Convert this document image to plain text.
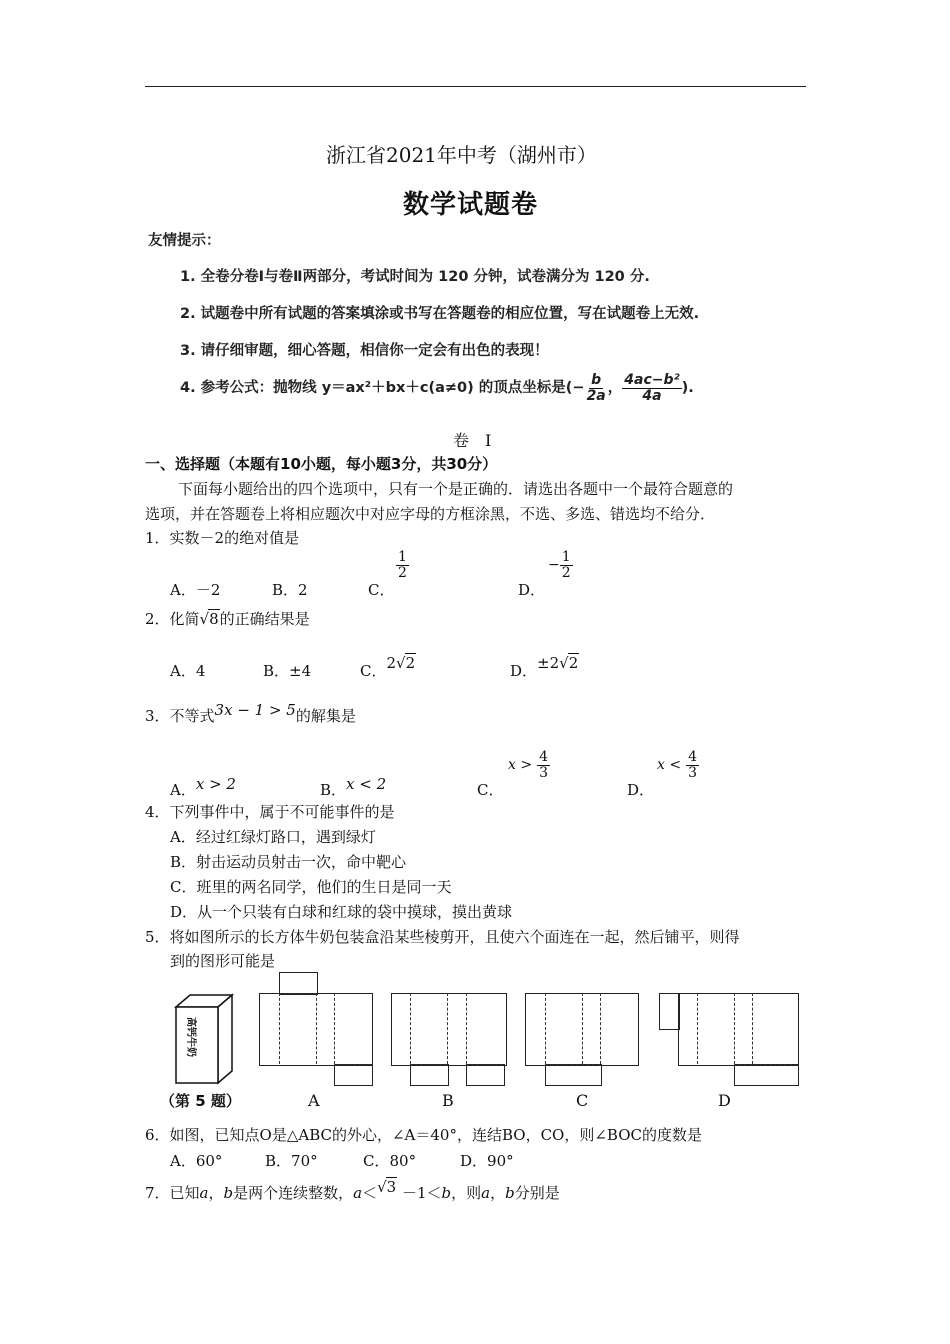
浙江省2021年中考（湖州市）
数学试题卷
友情提示：
1. 全卷分卷Ⅰ与卷Ⅱ两部分，考试时间为 120 分钟，试卷满分为 120 分.
2. 试题卷中所有试题的答案填涂或书写在答题卷的相应位置，写在试题卷上无效.
3. 请仔细审题，细心答题，相信你一定会有出色的表现！
4. 参考公式：抛物线 y＝ax²＋bx＋c(a≠0) 的顶点坐标是(− $\frac{b}{2a}$ ， $\frac{\text{4ac−b²}}{4a}$ ).
卷　Ⅰ
一、选择题（本题有10小题，每小题3分，共30分）
下面每小题给出的四个选项中，只有一个是正确的．请选出各题中一个最符合题意的
选项，并在答题卷上将相应题次中对应字母的方框涂黑，不选、多选、错选均不给分．
1．实数－2的绝对值是
A．－2	B．2	C．
$\frac{1}{2}$
D．
− $\frac{1}{2}$
2．化简√8的正确结果是
A．4	B．±4	C．2√2	D．±2√2
3．不等式3x − 1 > 5的解集是
A．x > 2	B．x < 2	C．
$x > \frac{4}{3}$
D．
$x < \frac{4}{3}$
4．下列事件中，属于不可能事件的是
A．经过红绿灯路口，遇到绿灯
B．射击运动员射击一次，命中靶心
C．班里的两名同学，他们的生日是同一天
D．从一个只装有白球和红球的袋中摸球，摸出黄球
5．将如图所示的长方体牛奶包装盒沿某些棱剪开，且使六个面连在一起，然后铺平，则得
到的图形可能是
高钙牛奶
（第 5 题）	A	B	C	D
6．如图，已知点O是△ABC的外心，∠A＝40°，连结BO，CO，则∠BOC的度数是
A．60°	B．70°	C．80°	D．90°
7．已知a，b是两个连续整数，a＜√3 －1＜b，则a，b分别是
